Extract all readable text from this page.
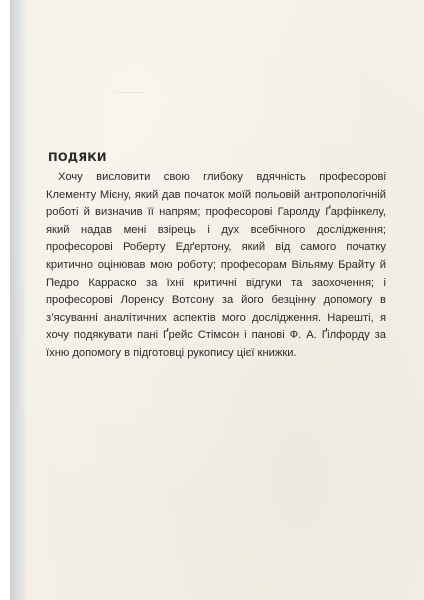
ПОДЯКИ

Хочу висловити свою глибоку вдячність професорові Клементу Мієну, який дав початок моїй польовій антропологічній роботі й визначив її напрям; професорові Гаролду Ґарфінкелу, який надав мені взірець і дух всебічного дослідження; професорові Роберту Едґертону, який від самого початку критично оцінював мою роботу; професорам Вільяму Брайту й Педро Карраско за їхні критичні відгуки та заохочення; і професорові Лоренсу Вотсону за його безцінну допомогу в з’ясуванні аналітичних аспектів мого дослідження. Нарешті, я хочу подякувати пані Ґрейс Стімсон і панові Ф. А. Ґілфорду за їхню допомогу в підготовці рукопису цієї книжки.
